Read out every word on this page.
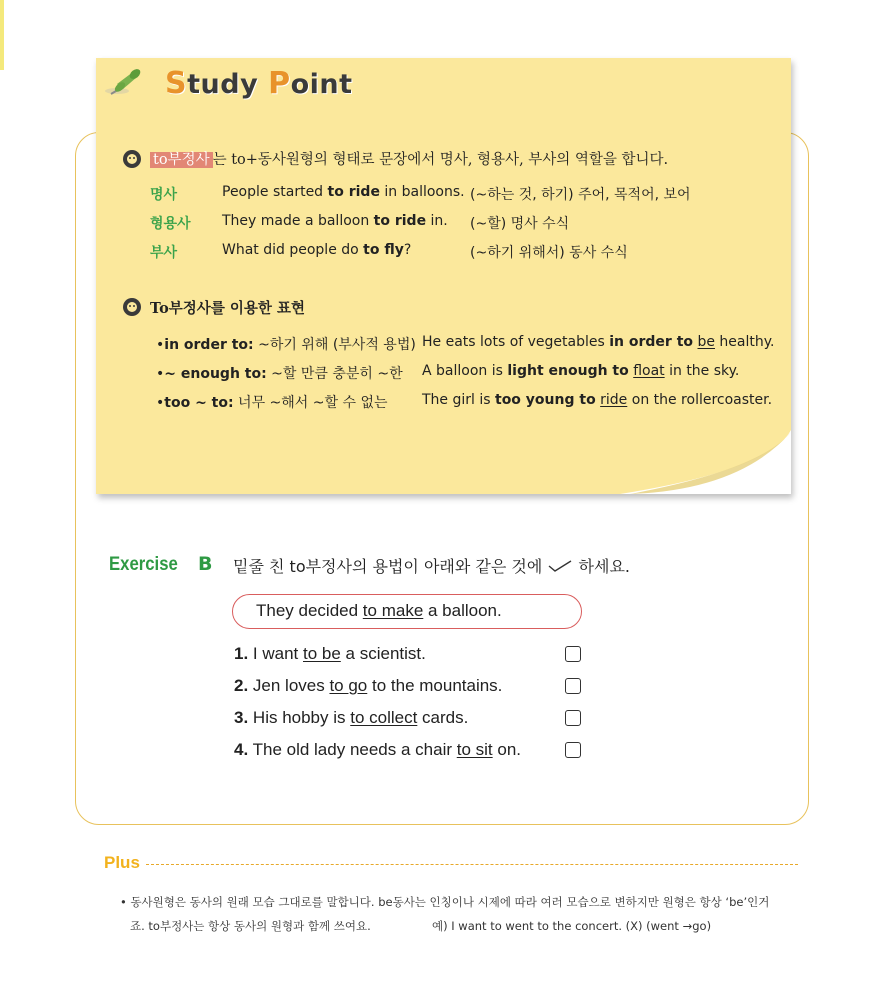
Study Point
to부정사 는 to+동사원형의 형태로 문장에서 명사, 형용사, 부사의 역할을 합니다.
명사	People started to ride in balloons. (~하는 것, 하기) 주어, 목적어, 보어
형용사 They made a balloon to ride in. (~할) 명사 수식
부사	What did people do to fly?	(~하기 위해서) 동사 수식
To부정사를 이용한 표현
•in order to: ~하기 위해 (부사적 용법) He eats lots of vegetables in order to be healthy.
•~ enough to: ~할 만큼 충분히 ~한 A balloon is light enough to float in the sky.
•too ~ to: 너무 ~해서 ~할 수 없는 The girl is too young to ride on the rollercoaster.
Exercise B 밑줄 친 to부정사의 용법이 아래와 같은 것에 하세요.
They decided to make a balloon.
1. I want to be a scientist.
2. Jen loves to go to the mountains.
3. His hobby is to collect cards.
4. The old lady needs a chair to sit on.
Plus
• 동사원형은 동사의 원래 모습 그대로를 말합니다. be동사는 인칭이나 시제에 따라 여러 모습으로 변하지만 원형은 항상 ‘be’인거
죠. to부정사는 항상 동사의 원형과 함께 쓰여요.	예) I want to went to the concert. (X) (went →go)
